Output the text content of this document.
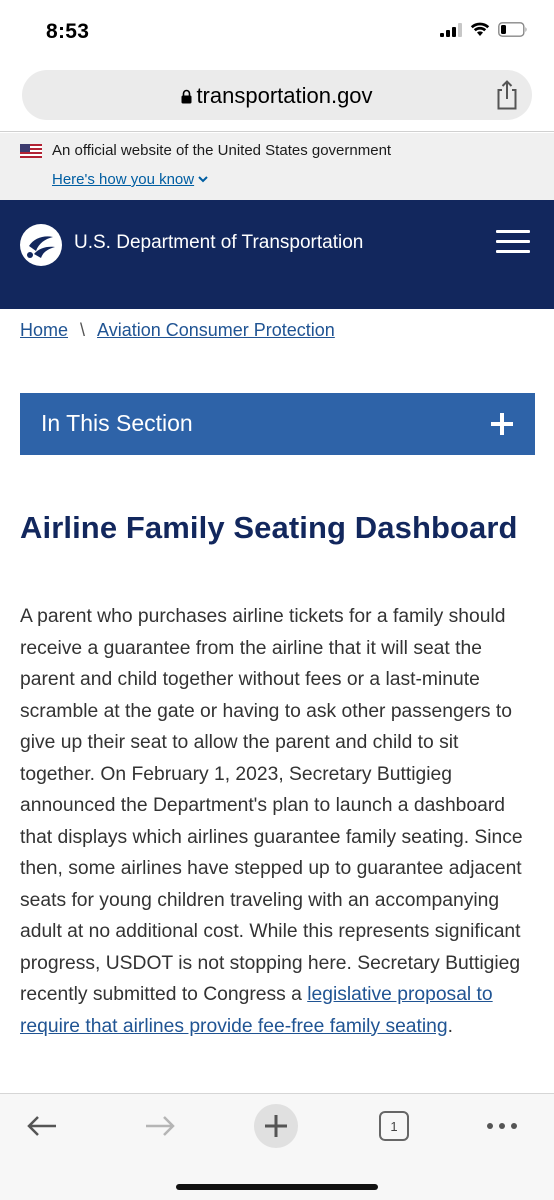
8:53
transportation.gov
An official website of the United States government
Here's how you know
U.S. Department of Transportation
Home \ Aviation Consumer Protection
In This Section
Airline Family Seating Dashboard

A parent who purchases airline tickets for a family should receive a guarantee from the airline that it will seat the parent and child together without fees or a last-minute scramble at the gate or having to ask other passengers to give up their seat to allow the parent and child to sit together. On February 1, 2023, Secretary Buttigieg announced the Department's plan to launch a dashboard that displays which airlines guarantee family seating. Since then, some airlines have stepped up to guarantee adjacent seats for young children traveling with an accompanying adult at no additional cost. While this represents significant progress, USDOT is not stopping here. Secretary Buttigieg recently submitted to Congress a legislative proposal to require that airlines provide fee-free family seating.

1
